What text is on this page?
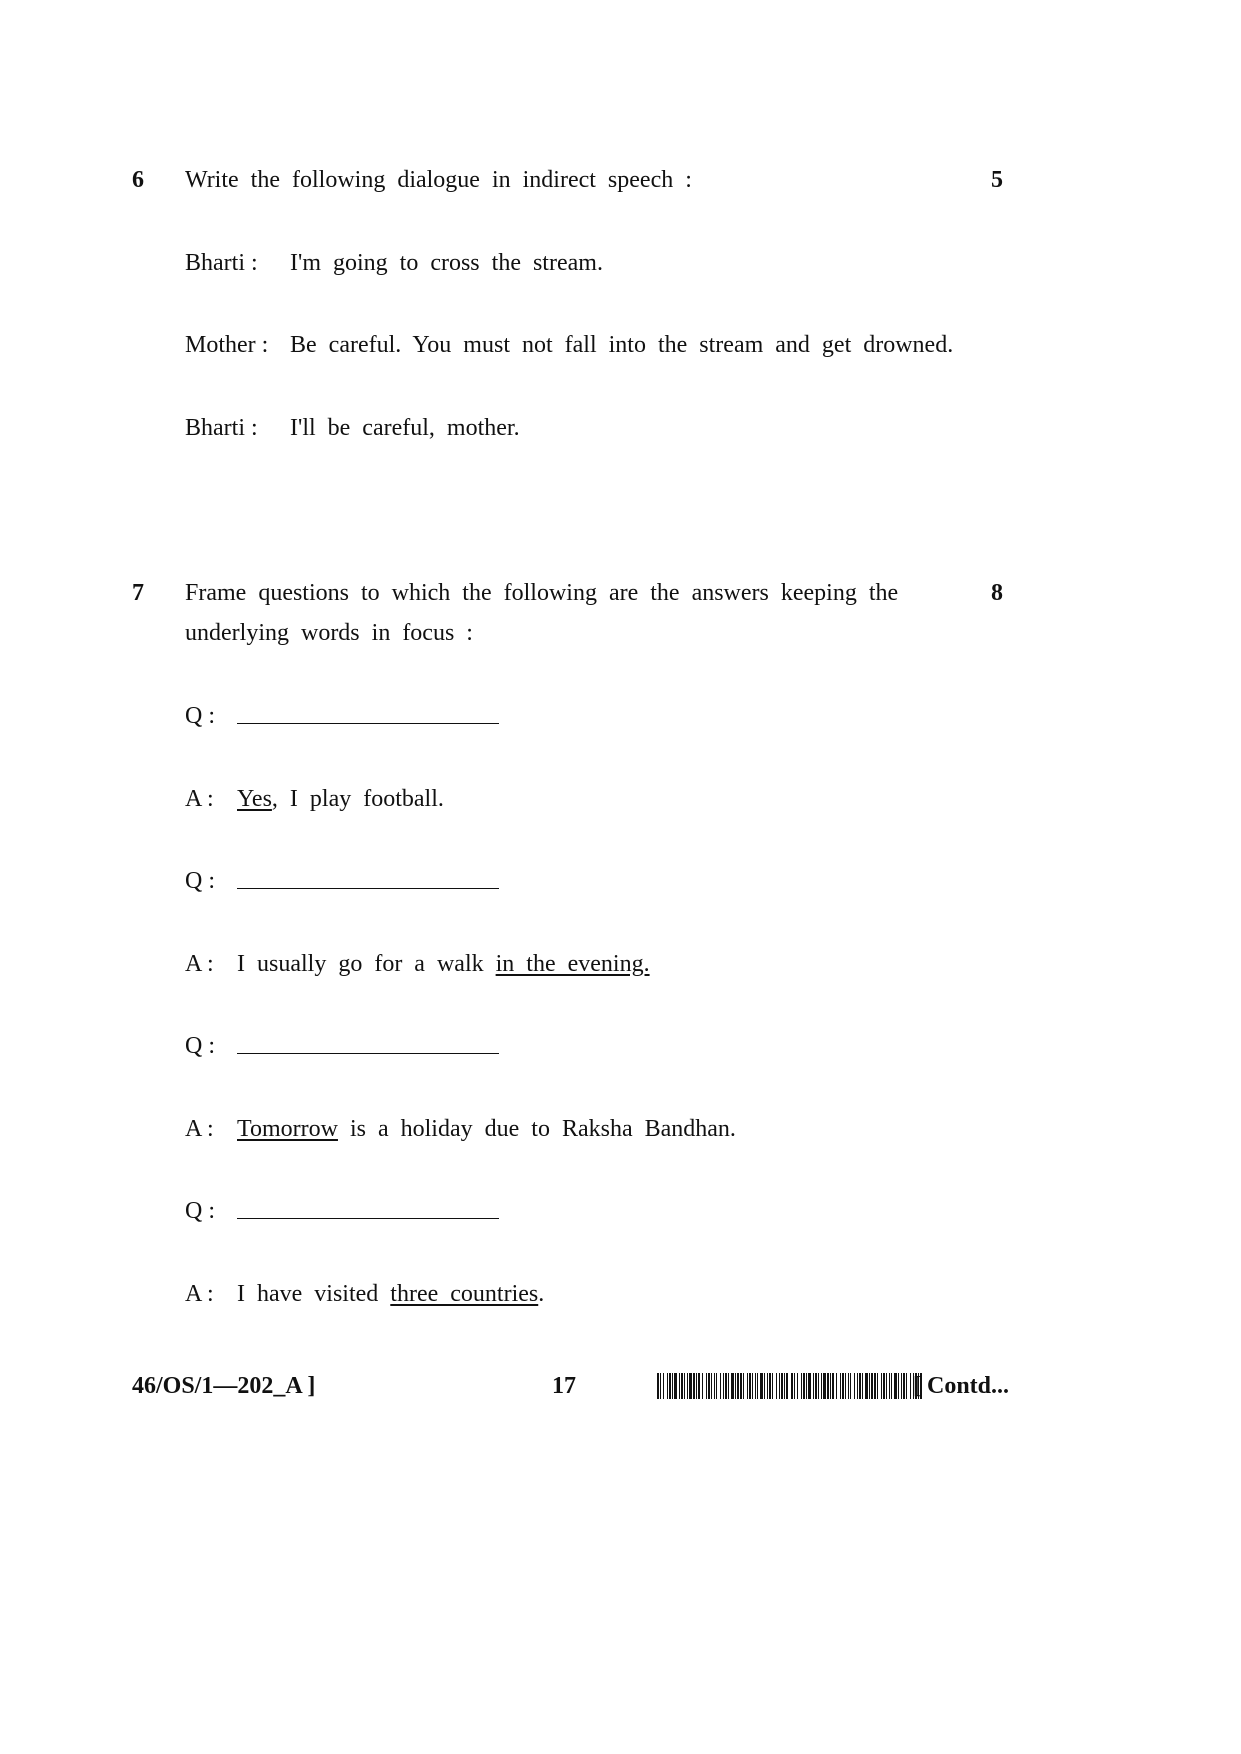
6 Write the following dialogue in indirect speech :	5
Bharti : I'm going to cross the stream.
Mother : Be careful. You must not fall into the stream and get drowned.
Bharti : I'll be careful, mother.
7 Frame questions to which the following are the answers keeping the
underlying words in focus :
8
Q :
A : Yes, I play football.
Q :
A : I usually go for a walk in the evening.
Q :
A : Tomorrow is a holiday due to Raksha Bandhan.
Q :
A : I have visited three countries.
46/OS/1—202_A ]	17	[ Contd...
